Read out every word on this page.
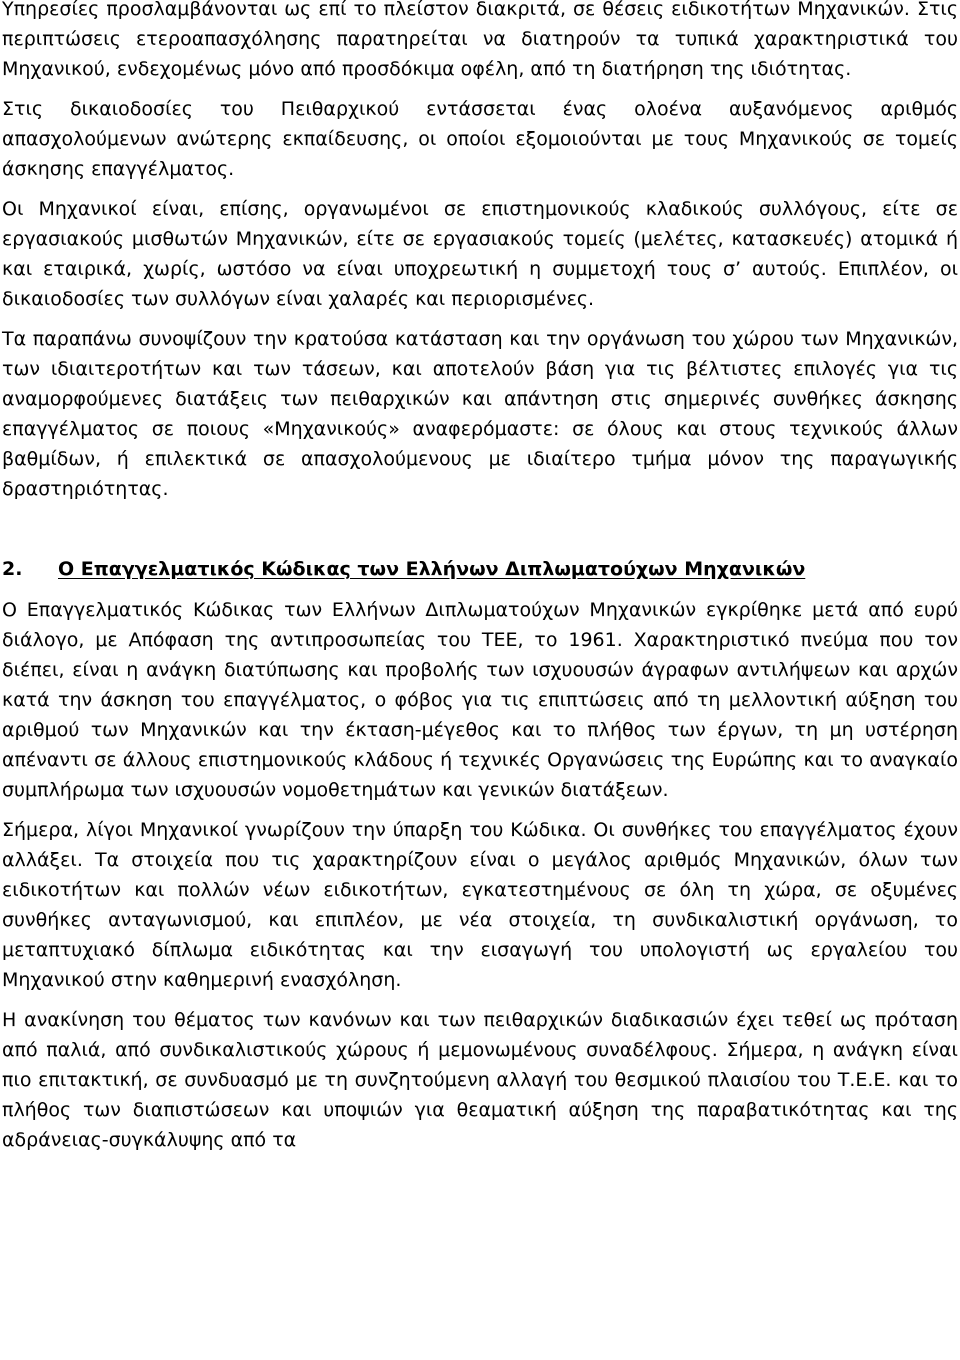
Υπηρεσίες προσλαμβάνονται ως επί το πλείστον διακριτά, σε θέσεις ειδικοτήτων Μηχανικών. Στις περιπτώσεις ετεροαπασχόλησης παρατηρείται να διατηρούν τα τυπικά χαρακτηριστικά του Μηχανικού, ενδεχομένως μόνο από προσδόκιμα οφέλη, από τη διατήρηση της ιδιότητας.

Στις δικαιοδοσίες του Πειθαρχικού εντάσσεται ένας ολοένα αυξανόμενος αριθμός απασχολούμενων ανώτερης εκπαίδευσης, οι οποίοι εξομοιούνται με τους Μηχανικούς σε τομείς άσκησης επαγγέλματος.

Οι Μηχανικοί είναι, επίσης, οργανωμένοι σε επιστημονικούς κλαδικούς συλλόγους, είτε σε εργασιακούς μισθωτών Μηχανικών, είτε σε εργασιακούς τομείς (μελέτες, κατασκευές) ατομικά ή και εταιρικά, χωρίς, ωστόσο να είναι υποχρεωτική η συμμετοχή τους σ’ αυτούς. Επιπλέον, οι δικαιοδοσίες των συλλόγων είναι χαλαρές και περιορισμένες.

Τα παραπάνω συνοψίζουν την κρατούσα κατάσταση και την οργάνωση του χώρου των Μηχανικών, των ιδιαιτεροτήτων και των τάσεων, και αποτελούν βάση για τις βέλτιστες επιλογές για τις αναμορφούμενες διατάξεις των πειθαρχικών και απάντηση στις σημερινές συνθήκες άσκησης επαγγέλματος σε ποιους «Μηχανικούς» αναφερόμαστε: σε όλους και στους τεχνικούς άλλων βαθμίδων, ή επιλεκτικά σε απασχολούμενους με ιδιαίτερο τμήμα μόνον της παραγωγικής δραστηριότητας.

2.	Ο Επαγγελματικός Κώδικας των Ελλήνων Διπλωματούχων Μηχανικών

Ο Επαγγελματικός Κώδικας των Ελλήνων Διπλωματούχων Μηχανικών εγκρίθηκε μετά από ευρύ διάλογο, με Απόφαση της αντιπροσωπείας του ΤΕΕ, το 1961. Χαρακτηριστικό πνεύμα που τον διέπει, είναι η ανάγκη διατύπωσης και προβολής των ισχυουσών άγραφων αντιλήψεων και αρχών κατά την άσκηση του επαγγέλματος, ο φόβος για τις επιπτώσεις από τη μελλοντική αύξηση του αριθμού των Μηχανικών και την έκταση-μέγεθος και το πλήθος των έργων, τη μη υστέρηση απέναντι σε άλλους επιστημονικούς κλάδους ή τεχνικές Οργανώσεις της Ευρώπης και το αναγκαίο συμπλήρωμα των ισχυουσών νομοθετημάτων και γενικών διατάξεων.

Σήμερα, λίγοι Μηχανικοί γνωρίζουν την ύπαρξη του Κώδικα. Οι συνθήκες του επαγγέλματος έχουν αλλάξει. Τα στοιχεία που τις χαρακτηρίζουν είναι ο μεγάλος αριθμός Μηχανικών, όλων των ειδικοτήτων και πολλών νέων ειδικοτήτων, εγκατεστημένους σε όλη τη χώρα, σε οξυμένες συνθήκες ανταγωνισμού, και επιπλέον, με νέα στοιχεία, τη συνδικαλιστική οργάνωση, το μεταπτυχιακό δίπλωμα ειδικότητας και την εισαγωγή του υπολογιστή ως εργαλείου του Μηχανικού στην καθημερινή ενασχόληση.

Η ανακίνηση του θέματος των κανόνων και των πειθαρχικών διαδικασιών έχει τεθεί ως πρόταση από παλιά, από συνδικαλιστικούς χώρους ή μεμονωμένους συναδέλφους. Σήμερα, η ανάγκη είναι πιο επιτακτική, σε συνδυασμό με τη συνζητούμενη αλλαγή του θεσμικού πλαισίου του Τ.Ε.Ε. και το πλήθος των διαπιστώσεων και υποψιών για θεαματική αύξηση της παραβατικότητας και της αδράνειας-συγκάλυψης από τα
